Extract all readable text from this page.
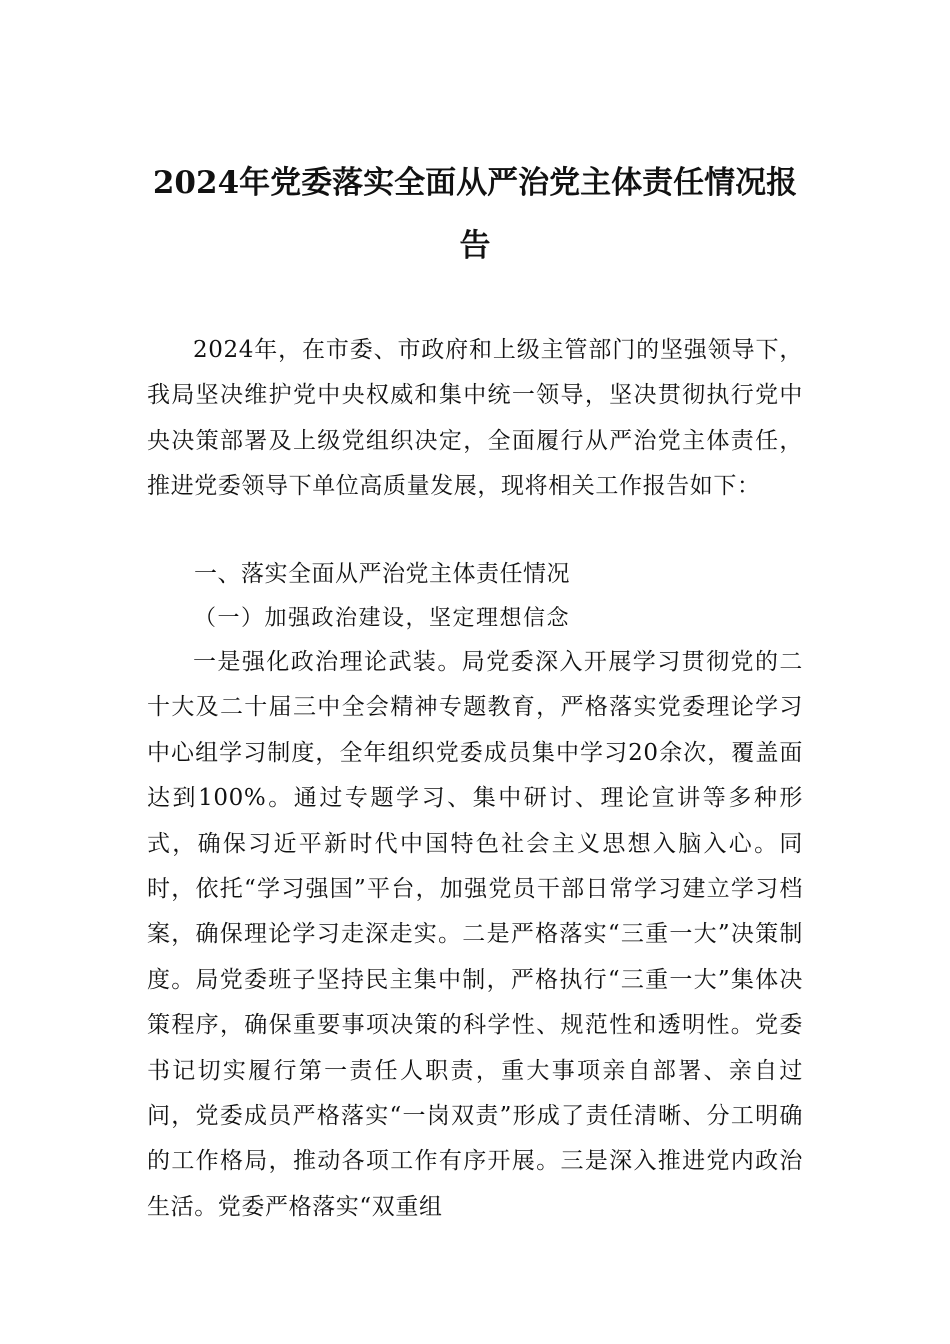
2024年党委落实全面从严治党主体责任情况报告
2024年，在市委、市政府和上级主管部门的坚强领导下，我局坚决维护党中央权威和集中统一领导，坚决贯彻执行党中央决策部署及上级党组织决定，全面履行从严治党主体责任，推进党委领导下单位高质量发展，现将相关工作报告如下：
一、落实全面从严治党主体责任情况
（一）加强政治建设，坚定理想信念
一是强化政治理论武装。局党委深入开展学习贯彻党的二十大及二十届三中全会精神专题教育，严格落实党委理论学习中心组学习制度，全年组织党委成员集中学习20余次，覆盖面达到100%。通过专题学习、集中研讨、理论宣讲等多种形式，确保习近平新时代中国特色社会主义思想入脑入心。同时，依托“学习强国”平台，加强党员干部日常学习建立学习档案，确保理论学习走深走实。二是严格落实“三重一大”决策制度。局党委班子坚持民主集中制，严格执行“三重一大”集体决策程序，确保重要事项决策的科学性、规范性和透明性。党委书记切实履行第一责任人职责，重大事项亲自部署、亲自过问，党委成员严格落实“一岗双责”形成了责任清晰、分工明确的工作格局，推动各项工作有序开展。三是深入推进党内政治生活。党委严格落实“双重组
